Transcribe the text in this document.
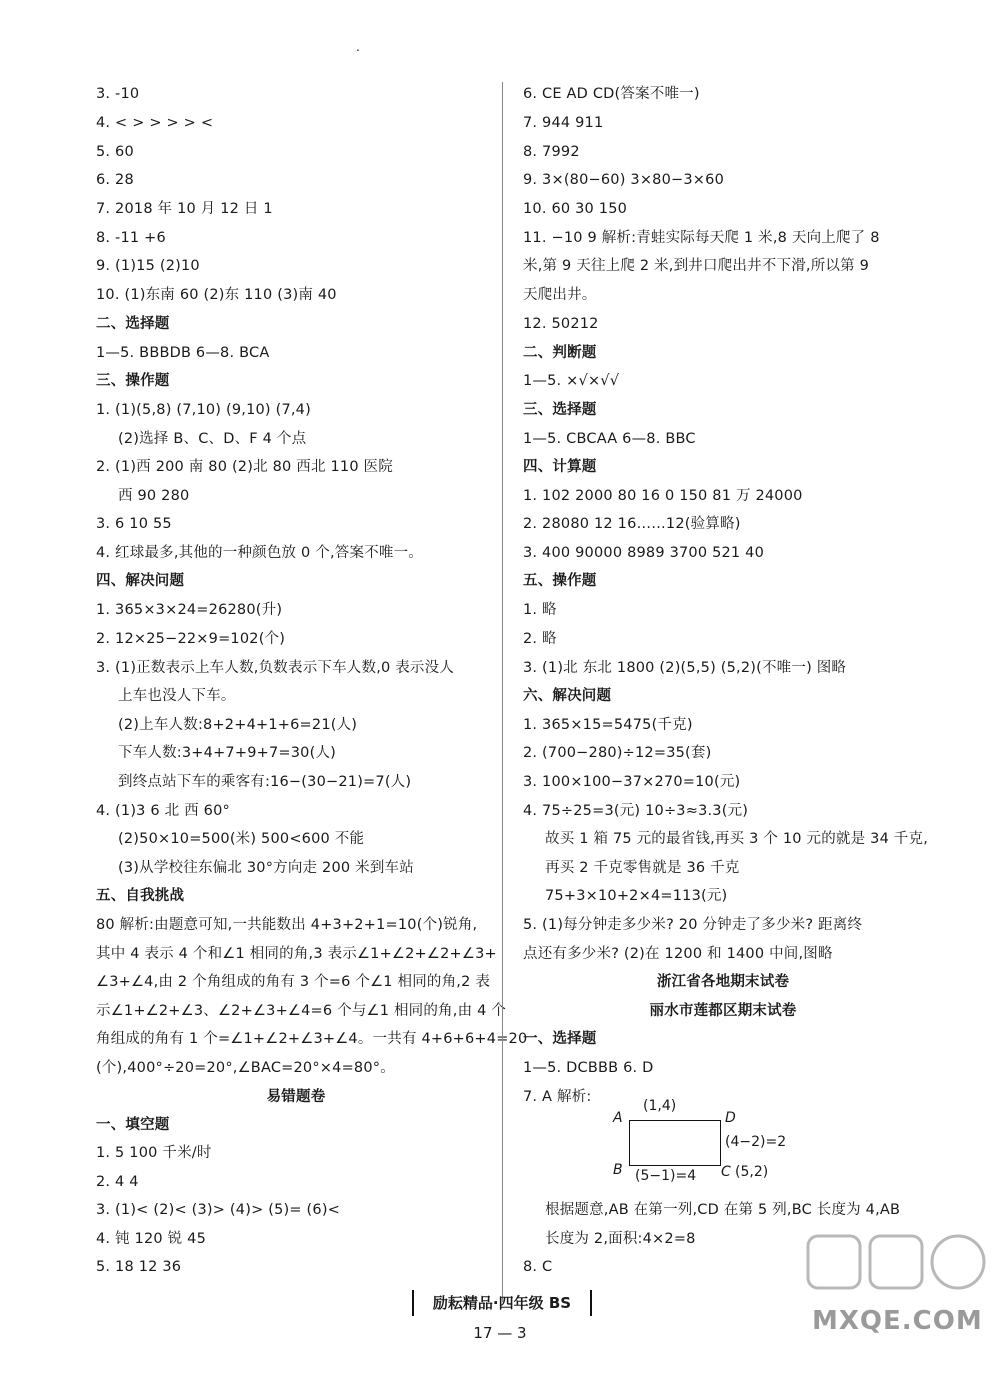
.
3. -10
4. < > > > > <
5. 60
6. 28
7. 2018 年 10 月 12 日 1
8. -11 +6
9. (1)15 (2)10
10. (1)东南 60 (2)东 110 (3)南 40
二、选择题
1—5. BBBDB 6—8. BCA
三、操作题
1. (1)(5,8) (7,10) (9,10) (7,4)
(2)选择 B、C、D、F 4 个点
2. (1)西 200 南 80 (2)北 80 西北 110 医院
西 90 280
3. 6 10 55
4. 红球最多,其他的一种颜色放 0 个,答案不唯一。
四、解决问题
1. 365×3×24=26280(升)
2. 12×25−22×9=102(个)
3. (1)正数表示上车人数,负数表示下车人数,0 表示没人
上车也没人下车。
(2)上车人数:8+2+4+1+6=21(人)
下车人数:3+4+7+9+7=30(人)
到终点站下车的乘客有:16−(30−21)=7(人)
4. (1)3 6 北 西 60°
(2)50×10=500(米) 500<600 不能
(3)从学校往东偏北 30°方向走 200 米到车站
五、自我挑战
80 解析:由题意可知,一共能数出 4+3+2+1=10(个)锐角,
其中 4 表示 4 个和∠1 相同的角,3 表示∠1+∠2+∠2+∠3+
∠3+∠4,由 2 个角组成的角有 3 个=6 个∠1 相同的角,2 表
示∠1+∠2+∠3、∠2+∠3+∠4=6 个与∠1 相同的角,由 4 个
角组成的角有 1 个=∠1+∠2+∠3+∠4。一共有 4+6+6+4=20
(个),400°÷20=20°,∠BAC=20°×4=80°。
易错题卷
一、填空题
1. 5 100 千米/时
2. 4 4
3. (1)< (2)< (3)> (4)> (5)= (6)<
4. 钝 120 锐 45
5. 18 12 36
A
(1,4)
D
(4−2)=2
B (5−1)=4 C (5,2)
6. CE AD CD(答案不唯一)
7. 944 911
8. 7992
9. 3×(80−60) 3×80−3×60
10. 60 30 150
11. −10 9 解析:青蛙实际每天爬 1 米,8 天向上爬了 8
米,第 9 天往上爬 2 米,到井口爬出井不下滑,所以第 9
天爬出井。
12. 50212
二、判断题
1—5. ×√×√√
三、选择题
1—5. CBCAA 6—8. BBC
四、计算题
1. 102 2000 80 16 0 150 81 万 24000
2. 28080 12 16……12(验算略)
3. 400 90000 8989 3700 521 40
五、操作题
1. 略
2. 略
3. (1)北 东北 1800 (2)(5,5) (5,2)(不唯一) 图略
六、解决问题
1. 365×15=5475(千克)
2. (700−280)÷12=35(套)
3. 100×100−37×270=10(元)
4. 75÷25=3(元) 10÷3≈3.3(元)
故买 1 箱 75 元的最省钱,再买 3 个 10 元的就是 34 千克,
再买 2 千克零售就是 36 千克
75+3×10+2×4=113(元)
5. (1)每分钟走多少米? 20 分钟走了多少米? 距离终
点还有多少米? (2)在 1200 和 1400 中间,图略
浙江省各地期末试卷
丽水市莲都区期末试卷
一、选择题
1—5. DCBBB 6. D
7. A 解析:
根据题意,AB 在第一列,CD 在第 5 列,BC 长度为 4,AB
长度为 2,面积:4×2=8
8. C
励耘精品·四年级 BS
17 — 3	MXQE.COM
